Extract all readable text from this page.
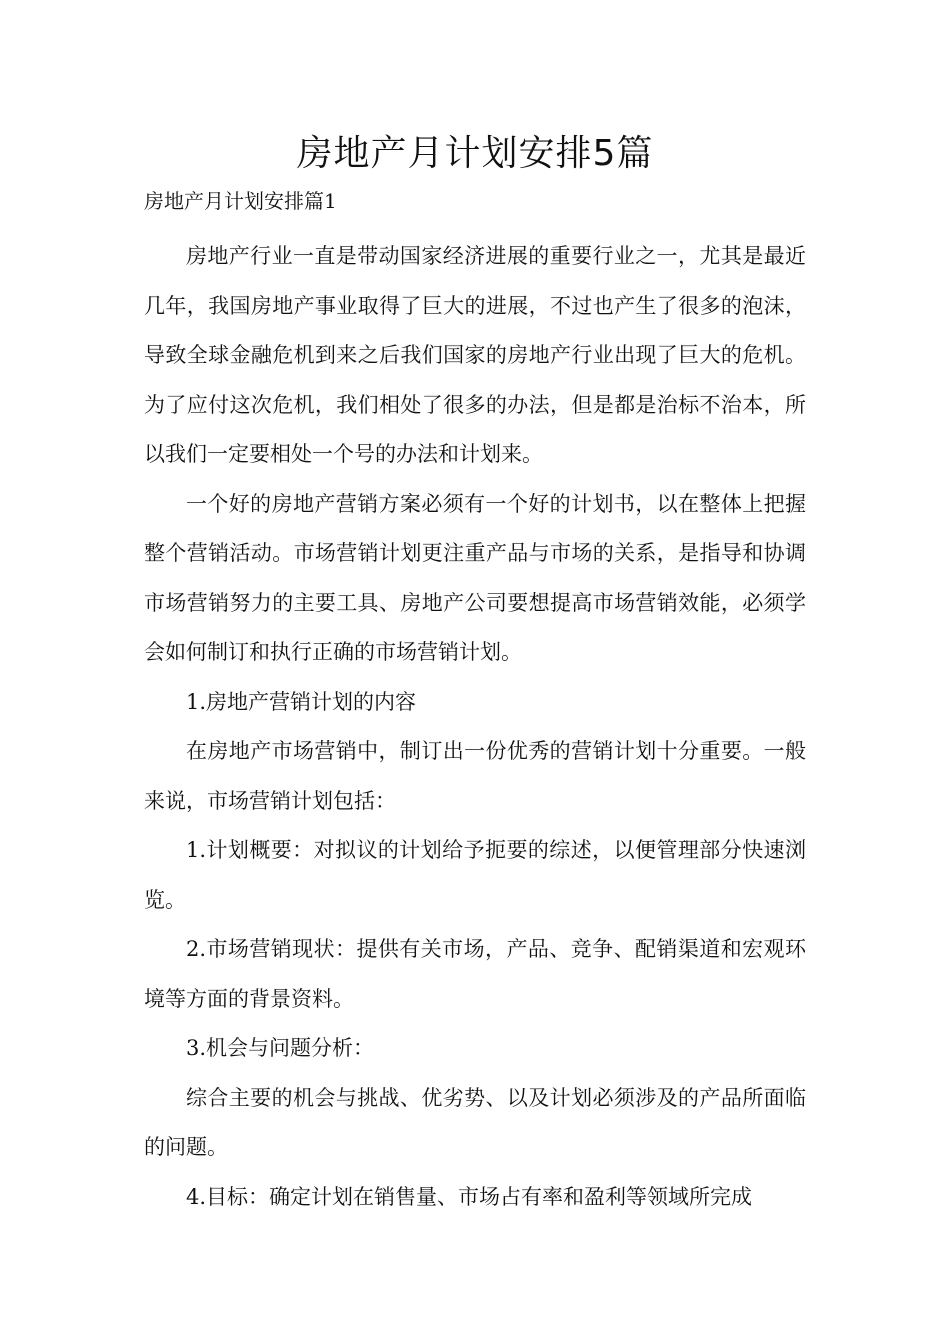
房地产月计划安排5篇
房地产月计划安排篇1

房地产行业一直是带动国家经济进展的重要行业之一，尤其是最近几年，我国房地产事业取得了巨大的进展，不过也产生了很多的泡沫，导致全球金融危机到来之后我们国家的房地产行业出现了巨大的危机。为了应付这次危机，我们相处了很多的办法，但是都是治标不治本，所以我们一定要相处一个号的办法和计划来。

一个好的房地产营销方案必须有一个好的计划书，以在整体上把握整个营销活动。市场营销计划更注重产品与市场的关系，是指导和协调市场营销努力的主要工具、房地产公司要想提高市场营销效能，必须学会如何制订和执行正确的市场营销计划。

1.房地产营销计划的内容

在房地产市场营销中，制订出一份优秀的营销计划十分重要。一般来说，市场营销计划包括：

1.计划概要：对拟议的计划给予扼要的综述，以便管理部分快速浏览。

2.市场营销现状：提供有关市场，产品、竞争、配销渠道和宏观环境等方面的背景资料。

3.机会与问题分析：

综合主要的机会与挑战、优劣势、以及计划必须涉及的产品所面临的问题。

4.目标：确定计划在销售量、市场占有率和盈利等领域所完成
